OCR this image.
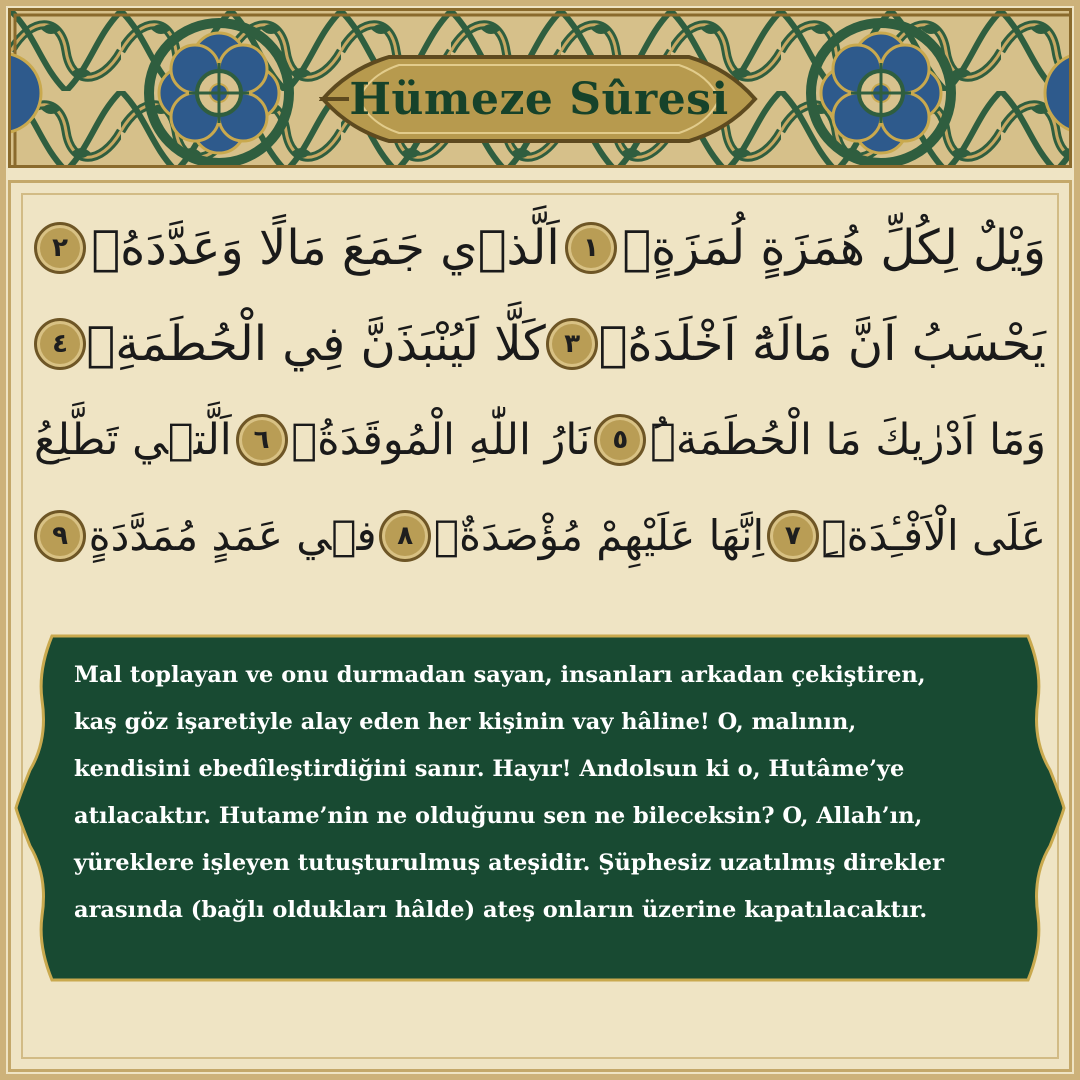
Hümeze Sûresi
وَيْلٌ لِكُلِّ هُمَزَةٍ لُمَزَةٍۙ
١
اَلَّذ۪ي جَمَعَ مَالًا وَعَدَّدَهُۙ
٢
يَحْسَبُ اَنَّ مَالَهُٓ اَخْلَدَهُۚ
٣
كَلَّا لَيُنْبَذَنَّ فِي الْحُطَمَةِۘ
٤
وَمَٓا اَدْرٰيكَ مَا الْحُطَمَةُۜ
٥
نَارُ اللّٰهِ الْمُوقَدَةُۙ
٦
اَلَّت۪ي تَطَّلِعُ
عَلَى الْاَفْـِٔدَةِۜ
٧
اِنَّهَا عَلَيْهِمْ مُؤْصَدَةٌۙ
٨
ف۪ي عَمَدٍ مُمَدَّدَةٍ
٩
Mal toplayan ve onu durmadan sayan, insanları arkadan çekiştiren,
kaş göz işaretiyle alay eden her kişinin vay hâline! O, malının,
kendisini ebedîleştirdiğini sanır. Hayır! Andolsun ki o, Hutâme’ye
atılacaktır. Hutame’nin ne olduğunu sen ne bileceksin? O, Allah’ın,
yüreklere işleyen tutuşturulmuş ateşidir. Şüphesiz uzatılmış direkler
arasında (bağlı oldukları hâlde) ateş onların üzerine kapatılacaktır.
